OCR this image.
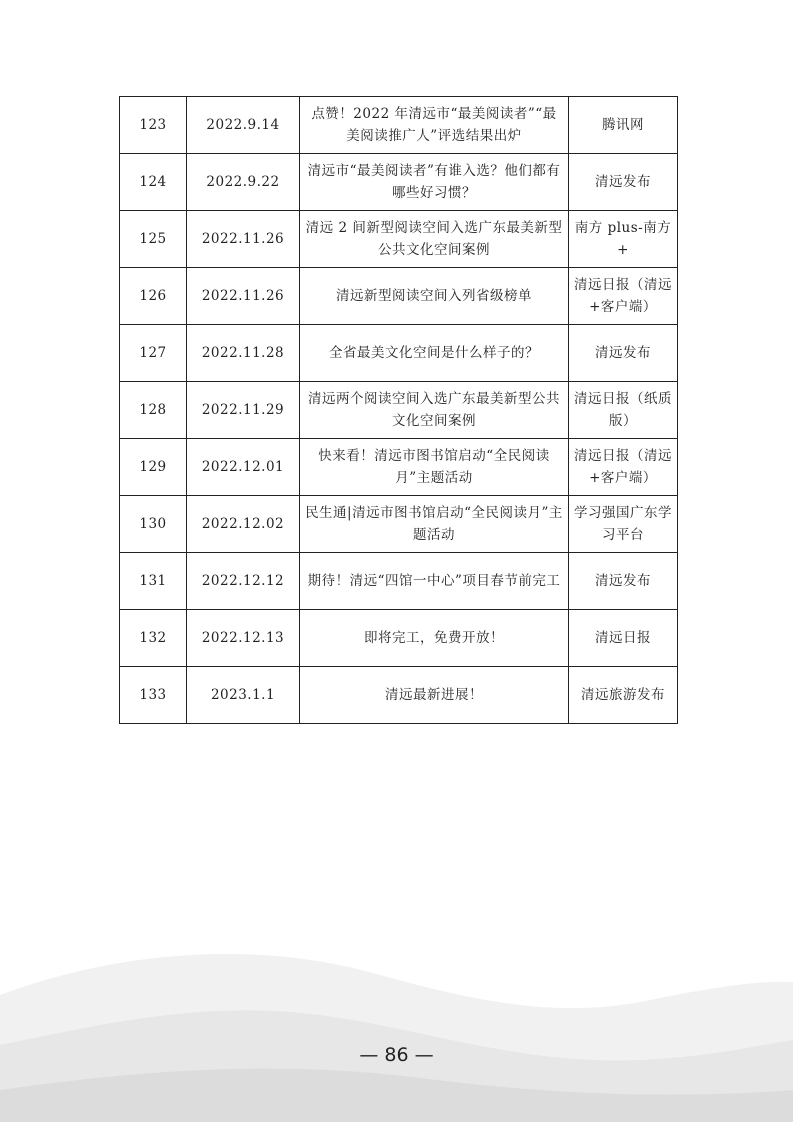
123	2022.9.14	点赞！2022 年清远市“最美阅读者”“最美阅读推广人”评选结果出炉	腾讯网
124	2022.9.22	清远市“最美阅读者”有谁入选？他们都有哪些好习惯？	清远发布
125	2022.11.26	清远 2 间新型阅读空间入选广东最美新型公共文化空间案例	南方 plus-南方+
126	2022.11.26	清远新型阅读空间入列省级榜单	清远日报（清远+客户端）
127	2022.11.28	全省最美文化空间是什么样子的？	清远发布
128	2022.11.29	清远两个阅读空间入选广东最美新型公共文化空间案例	清远日报（纸质版）
129	2022.12.01	快来看！清远市图书馆启动“全民阅读月”主题活动	清远日报（清远+客户端）
130	2022.12.02	民生通|清远市图书馆启动“全民阅读月”主题活动	学习强国广东学习平台
131	2022.12.12	期待！清远“四馆一中心”项目春节前完工	清远发布
132	2022.12.13	即将完工，免费开放！	清远日报
133	2023.1.1	清远最新进展！	清远旅游发布
— 86 —
